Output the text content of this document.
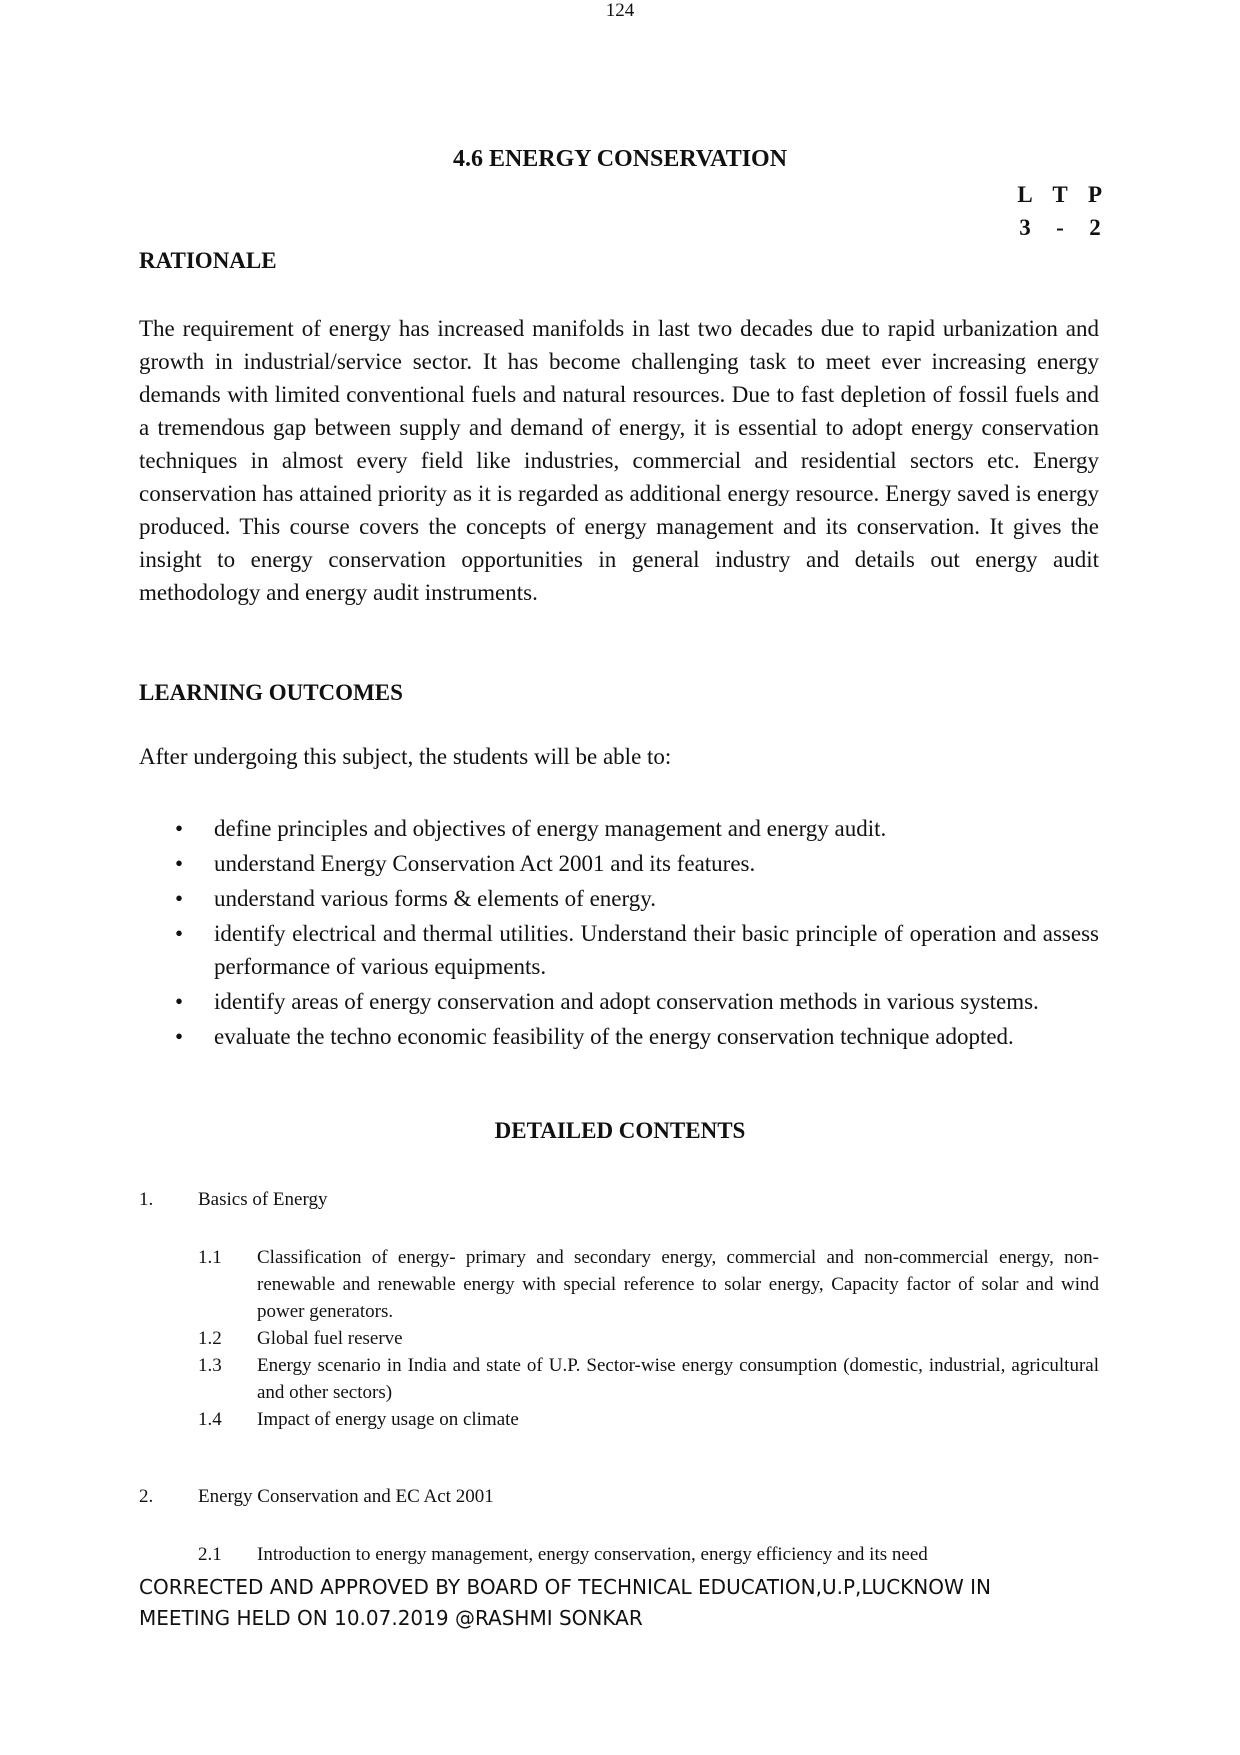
124
4.6 ENERGY CONSERVATION
L T P
3 - 2
RATIONALE

The requirement of energy has increased manifolds in last two decades due to rapid urbanization and growth in industrial/service sector. It has become challenging task to meet ever increasing energy demands with limited conventional fuels and natural resources. Due to fast depletion of fossil fuels and a tremendous gap between supply and demand of energy, it is essential to adopt energy conservation techniques in almost every field like industries, commercial and residential sectors etc. Energy conservation has attained priority as it is regarded as additional energy resource. Energy saved is energy produced. This course covers the concepts of energy management and its conservation. It gives the insight to energy conservation opportunities in general industry and details out energy audit methodology and energy audit instruments.

LEARNING OUTCOMES

After undergoing this subject, the students will be able to:

• define principles and objectives of energy management and energy audit.
• understand Energy Conservation Act 2001 and its features.
• understand various forms & elements of energy.
• identify electrical and thermal utilities. Understand their basic principle of operation and assess performance of various equipments.
• identify areas of energy conservation and adopt conservation methods in various systems.
• evaluate the techno economic feasibility of the energy conservation technique adopted.
DETAILED CONTENTS
1.	Basics of Energy
1.1	Classification of energy- primary and secondary energy, commercial and non-commercial energy, non-renewable and renewable energy with special reference to solar energy, Capacity factor of solar and wind power generators.
1.2	Global fuel reserve
1.3	Energy scenario in India and state of U.P. Sector-wise energy consumption (domestic, industrial, agricultural and other sectors)
1.4	Impact of energy usage on climate
2.	Energy Conservation and EC Act 2001
2.1	Introduction to energy management, energy conservation, energy efficiency and its need
CORRECTED AND APPROVED BY BOARD OF TECHNICAL EDUCATION,U.P,LUCKNOW IN
MEETING HELD ON 10.07.2019 @RASHMI SONKAR
